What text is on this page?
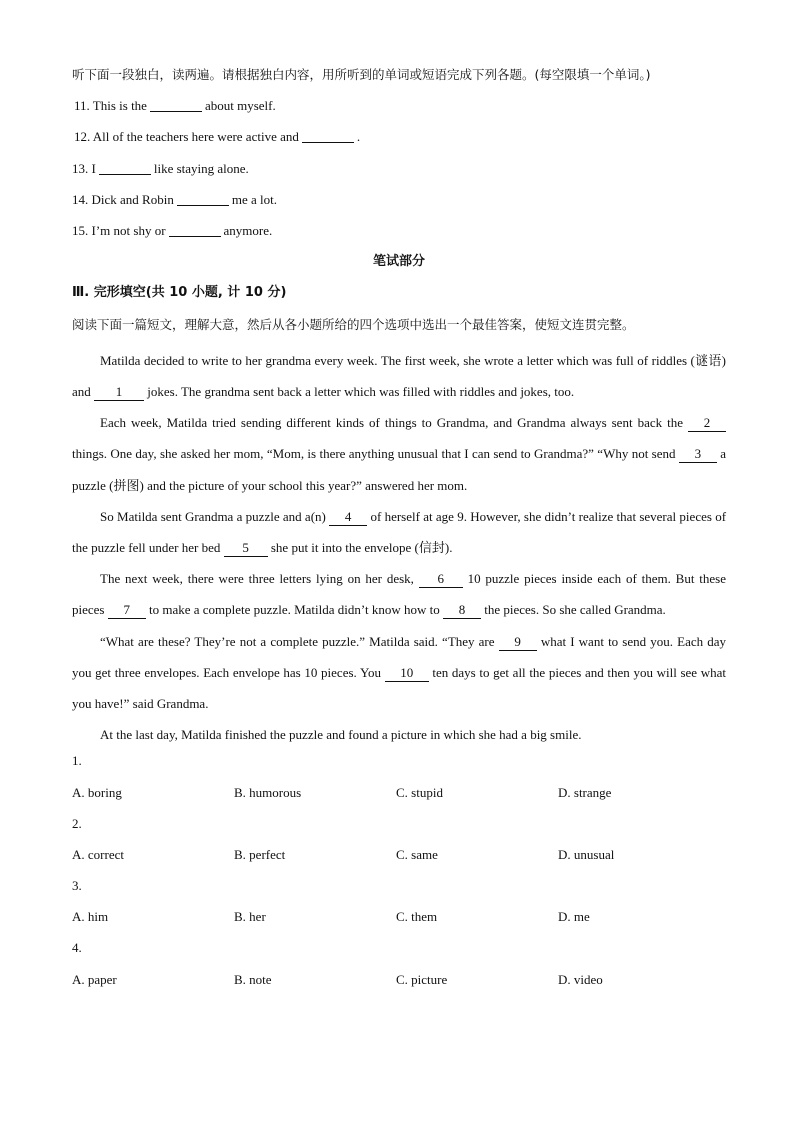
听下面一段独白，读两遍。请根据独白内容，用所听到的单词或短语完成下列各题。(每空限填一个单词。)
11. This is the	about myself.
12. All of the teachers here were active and	.
13. I	like staying alone.
14. Dick and Robin	me a lot.
15. I’m not shy or	anymore.
笔试部分
Ⅲ. 完形填空(共 10 小题, 计 10 分)
阅读下面一篇短文，理解大意，然后从各小题所给的四个选项中选出一个最佳答案，使短文连贯完整。
Matilda decided to write to her grandma every week. The first week, she wrote a letter which was full of riddles (谜语) and 1 jokes. The grandma sent back a letter which was filled with riddles and jokes, too.
Each week, Matilda tried sending different kinds of things to Grandma, and Grandma always sent back the 2 things. One day, she asked her mom, “Mom, is there anything unusual that I can send to Grandma?” “Why not send 3 a puzzle (拼图) and the picture of your school this year?” answered her mom.
So Matilda sent Grandma a puzzle and a(n) 4 of herself at age 9. However, she didn’t realize that several pieces of the puzzle fell under her bed 5 she put it into the envelope (信封).
The next week, there were three letters lying on her desk, 6 10 puzzle pieces inside each of them. But these pieces 7 to make a complete puzzle. Matilda didn’t know how to 8 the pieces. So she called Grandma.
“What are these? They’re not a complete puzzle.” Matilda said. “They are 9 what I want to send you. Each day you get three envelopes. Each envelope has 10 pieces. You 10 ten days to get all the pieces and then you will see what you have!” said Grandma.
At the last day, Matilda finished the puzzle and found a picture in which she had a big smile.
1.
A. boring	B. humorous	C. stupid	D. strange
2.
A. correct	B. perfect	C. same	D. unusual
3.
A. him	B. her	C. them	D. me
4.
A. paper	B. note	C. picture	D. video
